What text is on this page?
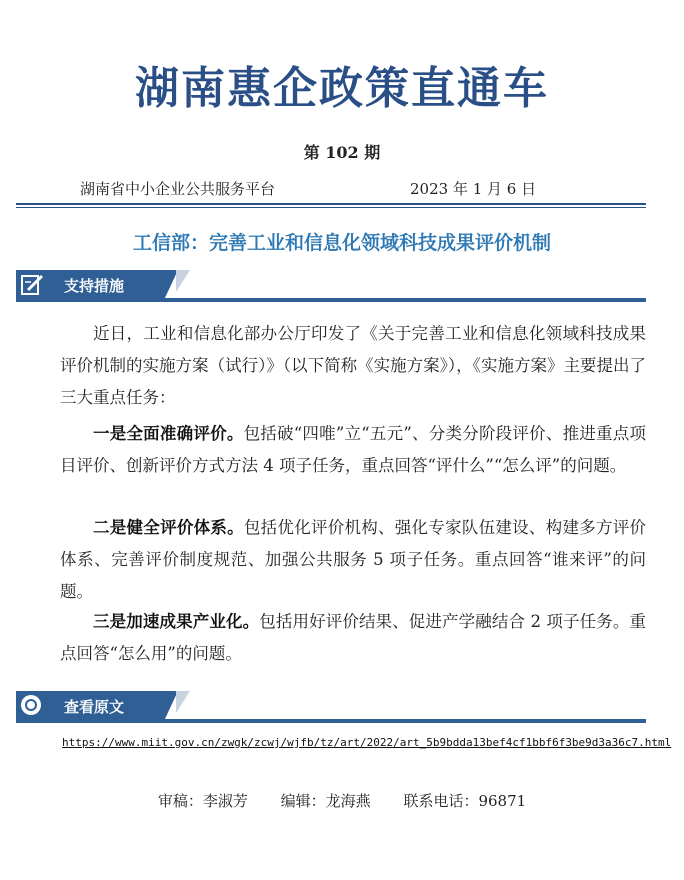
湖南惠企政策直通车
第 102 期
湖南省中小企业公共服务平台	2023 年 1 月 6 日
工信部：完善工业和信息化领域科技成果评价机制
支持措施
近日，工业和信息化部办公厅印发了《关于完善工业和信息化领域科技成果评价机制的实施方案（试行）》（以下简称《实施方案》），《实施方案》主要提出了三大重点任务：
一是全面准确评价。包括破“四唯”立“五元”、分类分阶段评价、推进重点项目评价、创新评价方式方法 4 项子任务，重点回答“评什么”“怎么评”的问题。
二是健全评价体系。包括优化评价机构、强化专家队伍建设、构建多方评价体系、完善评价制度规范、加强公共服务 5 项子任务。重点回答“谁来评”的问题。
三是加速成果产业化。包括用好评价结果、促进产学融结合 2 项子任务。重点回答“怎么用”的问题。
查看原文
https://www.miit.gov.cn/zwgk/zcwj/wjfb/tz/art/2022/art_5b9bdda13bef4cf1bbf6f3be9d3a36c7.html
审稿：李淑芳 编辑：龙海燕 联系电话：96871
